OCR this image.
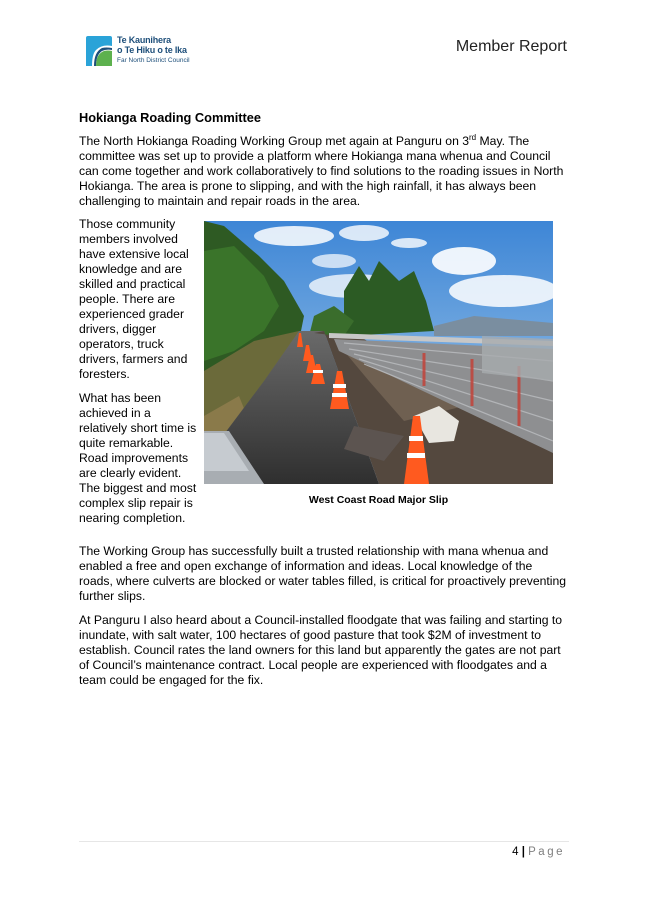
Te Kaunihera
o Te Hiku o te Ika
Far North District Council
Member Report
Hokianga Roading Committee

The North Hokianga Roading Working Group met again at Panguru on 3rd May. The committee was set up to provide a platform where Hokianga mana whenua and Council can come together and work collaboratively to find solutions to the roading issues in North Hokianga. The area is prone to slipping, and with the high rainfall, it has always been challenging to maintain and repair roads in the area.

Those community members involved have extensive local knowledge and are skilled and practical people. There are experienced grader drivers, digger operators, truck drivers, farmers and foresters.

What has been achieved in a relatively short time is quite remarkable. Road improvements are clearly evident. The biggest and most complex slip repair is nearing completion.

West Coast Road Major Slip

The Working Group has successfully built a trusted relationship with mana whenua and enabled a free and open exchange of information and ideas. Local knowledge of the roads, where culverts are blocked or water tables filled, is critical for proactively preventing further slips.

At Panguru I also heard about a Council-installed floodgate that was failing and starting to inundate, with salt water, 100 hectares of good pasture that took $2M of investment to establish. Council rates the land owners for this land but apparently the gates are not part of Council’s maintenance contract. Local people are experienced with floodgates and a team could be engaged for the fix.

4 | Page
